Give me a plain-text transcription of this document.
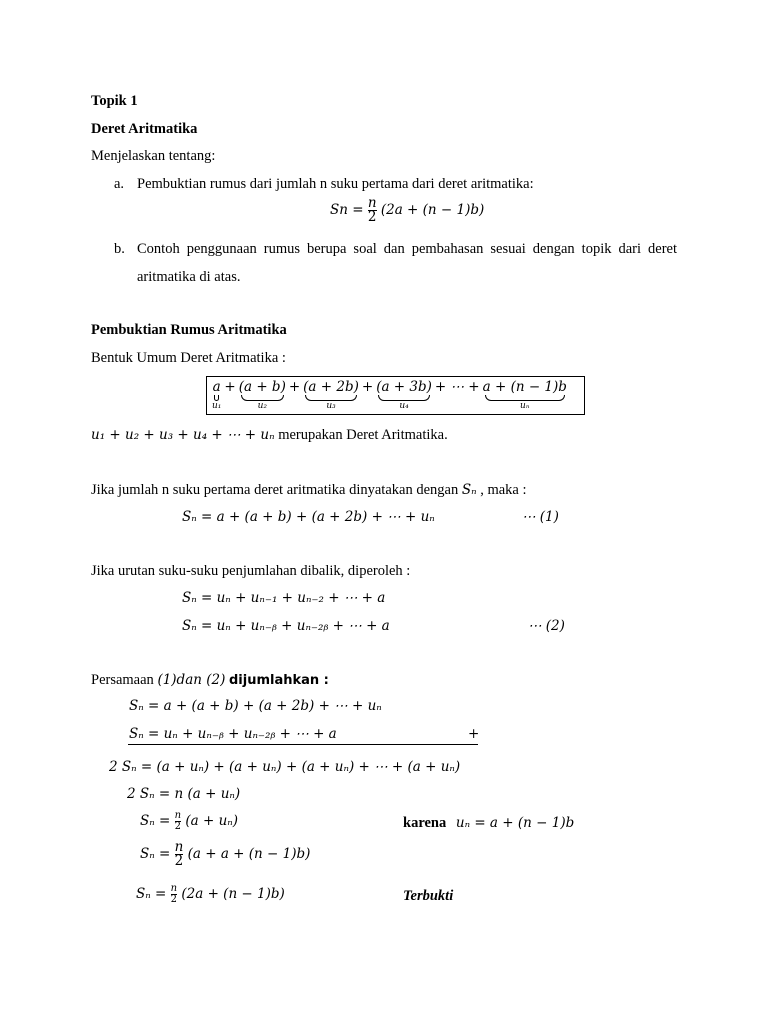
Topik 1
Deret Aritmatika
Menjelaskan tentang:
a. Pembuktian rumus dari jumlah n suku pertama dari deret aritmatika:
$Sn = \frac{n}{2} (2a + (n - 1)b)$
b. Contoh penggunaan rumus berupa soal dan pembahasan sesuai dengan topik dari deret
aritmatika di atas.
Pembuktian Rumus Aritmatika
Bentuk Umum Deret Aritmatika :
a
u₁
+ (a + b)
u₂
+ (a + 2b)
u₃
+ (a + 3b)
u₄
+ ⋯ + a + (n − 1)b
uₙ
u₁ + u₂ + u₃ + u₄ + ⋯ + uₙ merupakan Deret Aritmatika.
Jika jumlah n suku pertama deret aritmatika dinyatakan dengan Sₙ , maka :
Sₙ = a + (a + b) + (a + 2b) + ⋯ + uₙ	⋯ (1)
Jika urutan suku-suku penjumlahan dibalik, diperoleh :
Sₙ = uₙ + uₙ₋₁ + uₙ₋₂ + ⋯ + a
Sₙ = uₙ + uₙ₋ᵦ + uₙ₋₂ᵦ + ⋯ + a	⋯ (2)
Persamaan (1)dan (2) dijumlahkan :
Sₙ = a + (a + b) + (a + 2b) + ⋯ + uₙ
Sₙ = uₙ + uₙ₋ᵦ + uₙ₋₂ᵦ + ⋯ + a	+
2 Sₙ = (a + uₙ) + (a + uₙ) + (a + uₙ) + ⋯ + (a + uₙ)
2 Sₙ = n (a + uₙ)
$S_n = \frac{n}{2} (a + u_n)$	karena uₙ = a + (n − 1)b
$S_n = \frac{n}{2} (a + a + (n - 1)b)$
$S_n = \frac{n}{2} (2a + (n - 1)b)$	Terbukti
